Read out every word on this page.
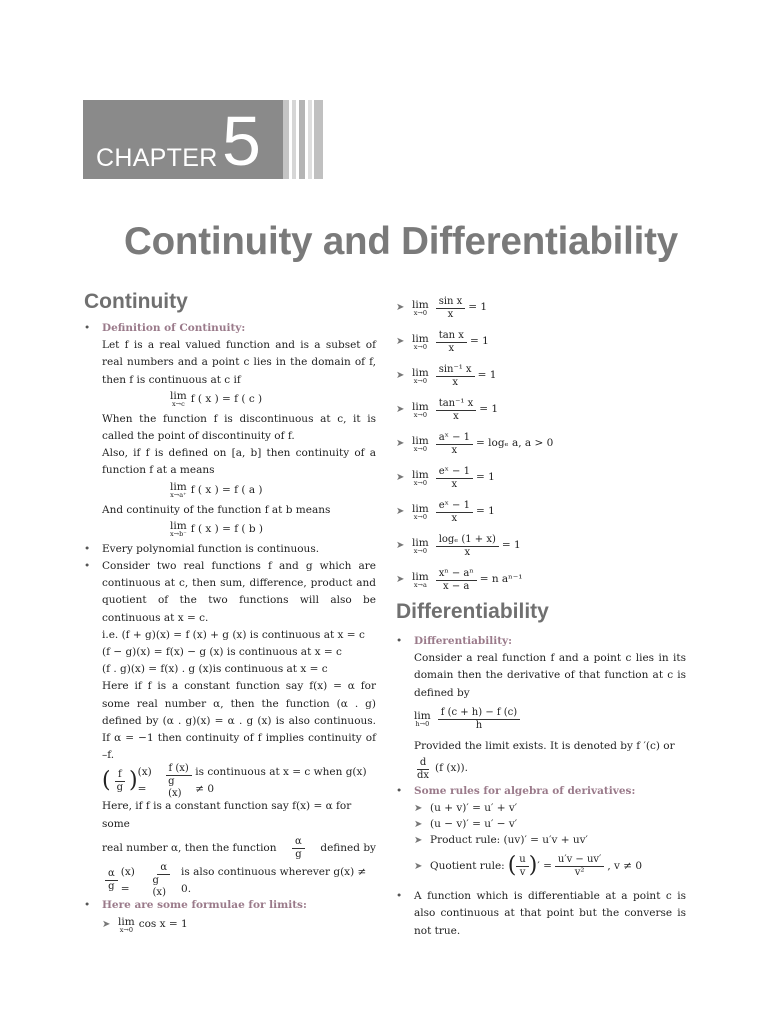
CHAPTER 5
Continuity and Differentiability
Continuity
Differentiability
•	Definition of Continuity:
Let f is a real valued function and is a subset of real numbers and a point c lies in the domain of f, then f is continuous at c if
lim
x→c f ( x ) = f ( c )
When the function f is discontinuous at c, it is called the point of discontinuity of f.
Also, if f is defined on [a, b] then continuity of a function f at a means
lim
x→a⁺ f ( x ) = f ( a )
And continuity of the function f at b means
lim
x→b⁻ f ( x ) = f ( b )
•	Every polynomial function is continuous.
•	Consider two real functions f and g which are continuous at c, then sum, difference, product and quotient of the two functions will also be continuous at x = c.
i.e. (f + g)(x) = f (x) + g (x) is continuous at x = c
(f − g)(x) = f(x) − g (x) is continuous at x = c
(f . g)(x) = f(x) . g (x)is continuous at x = c
Here if f is a constant function say f(x) = α for some real number α, then the function (α . g) defined by (α . g)(x) = α . g (x) is also continuous. If α = −1 then continuity of f implies continuity of –f.
( $\frac{f}{g}$ ) (x) =	$\frac{f (x)}{g (x)}$ is continuous at x = c when g(x) ≠ 0
Here, if f is a constant function say f(x) = α for some
real number α, then the function $\frac{\alpha}{g}$ defined by
$\frac{\alpha}{g} (x)$ =	$\frac{\alpha}{g (x)}$ is also continuous wherever g(x) ≠ 0.
•	Here are some formulae for limits:
➤ lim
x→0 cos x = 1
➤ lim
$x\to 0 \frac{\text{sin x}}{x} = 1$
➤ lim
$x\to 0 \frac{\text{tan x}}{x} = 1$
➤ lim
$x\to 0 \frac{\text{sin⁻¹ x}}{x} = 1$
➤ lim
$x\to 0 \frac{\text{tan⁻¹ x}}{x} = 1$
➤ lim
$x\to 0 \frac{\text{aˣ − 1}}{x} = \log_e$ a, a > 0
➤ lim
$x\to 0 \frac{\text{eˣ − 1}}{x} = 1$
➤ lim
$x\to 0 \frac{\text{eˣ − 1}}{x} = 1$
➤ lim
$x\to 0 \frac{\text{logₑ (1 + x)}}{x} = 1$
➤ lim
$x\to a \frac{\text{xⁿ − aⁿ}}{x - a} = n$ aⁿ⁻¹
•	Differentiability:
Consider a real function f and a point c lies in its domain then the derivative of that function at c is defined by
lim
$h\to 0 \frac{f (c + h) - f (c)}{h}$
Provided the limit exists. It is denoted by f ′(c) or
$\frac{d}{dx} (f$ (x)).
•	Some rules for algebra of derivatives:
➤ (u + v)′ = u′ + v′
➤ (u − v)′ = u′ − v′
➤ Product rule: (uv)′ = u′v + uv′
➤ Quotient rule: ( $\frac{u}{v}$ ) ′ = $\frac{u'v - uv'}{\text{v²}}$ , v ≠ 0
•	A function which is differentiable at a point c is also continuous at that point but the converse is not true.
